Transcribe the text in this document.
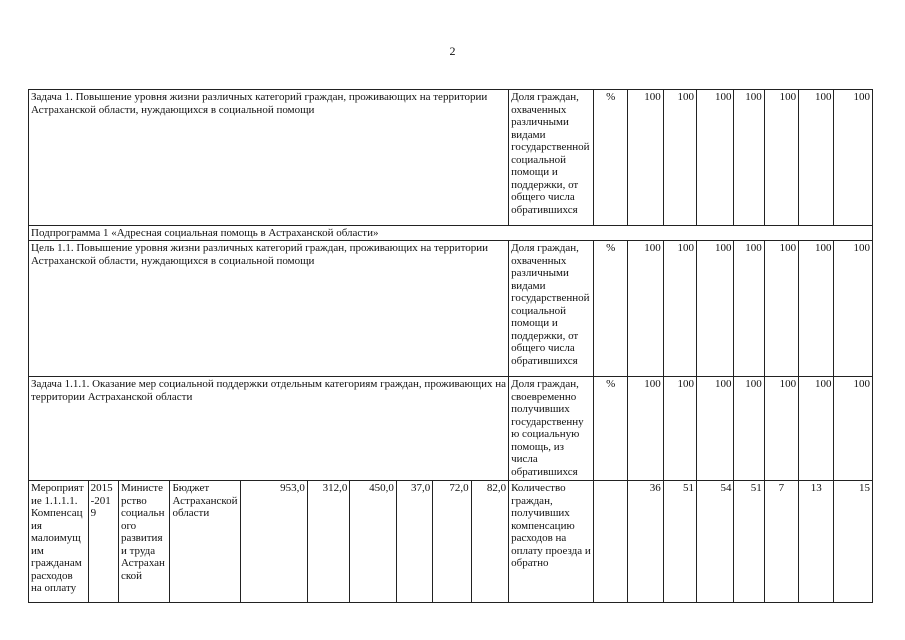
2
Задача 1. Повышение уровня жизни различных категорий граждан, проживающих на территории Астраханской области, нуждающихся в социальной помощи										Доля граждан, охваченных различными видами государственной социальной помощи и поддержки, от общего числа обратившихся	%	100	100	100	100	100	100	100
Подпрограмма 1 «Адресная социальная помощь в Астраханской области»																		
Цель 1.1. Повышение уровня жизни различных категорий граждан, проживающих на территории Астраханской области, нуждающихся в социальной помощи										Доля граждан, охваченных различными видами государственной социальной помощи и поддержки, от общего числа обратившихся	%	100	100	100	100	100	100	100
Задача 1.1.1. Оказание мер социальной поддержки отдельным категориям граждан, проживающих на территории Астраханской области										Доля граждан, своевременно получивших государственную социальную помощь, из числа обратившихся	%	100	100	100	100	100	100	100
Мероприятие 1.1.1.1. Компенсация малоимущим гражданам расходов на оплату	2015-2019	Министерство социального развития и труда Астраханской	Бюджет Астраханской области	953,0	312,0	450,0	37,0	72,0	82,0	Количество граждан, получивших компенсацию расходов на оплату проезда и обратно		36	51	54	51	7	13	15
